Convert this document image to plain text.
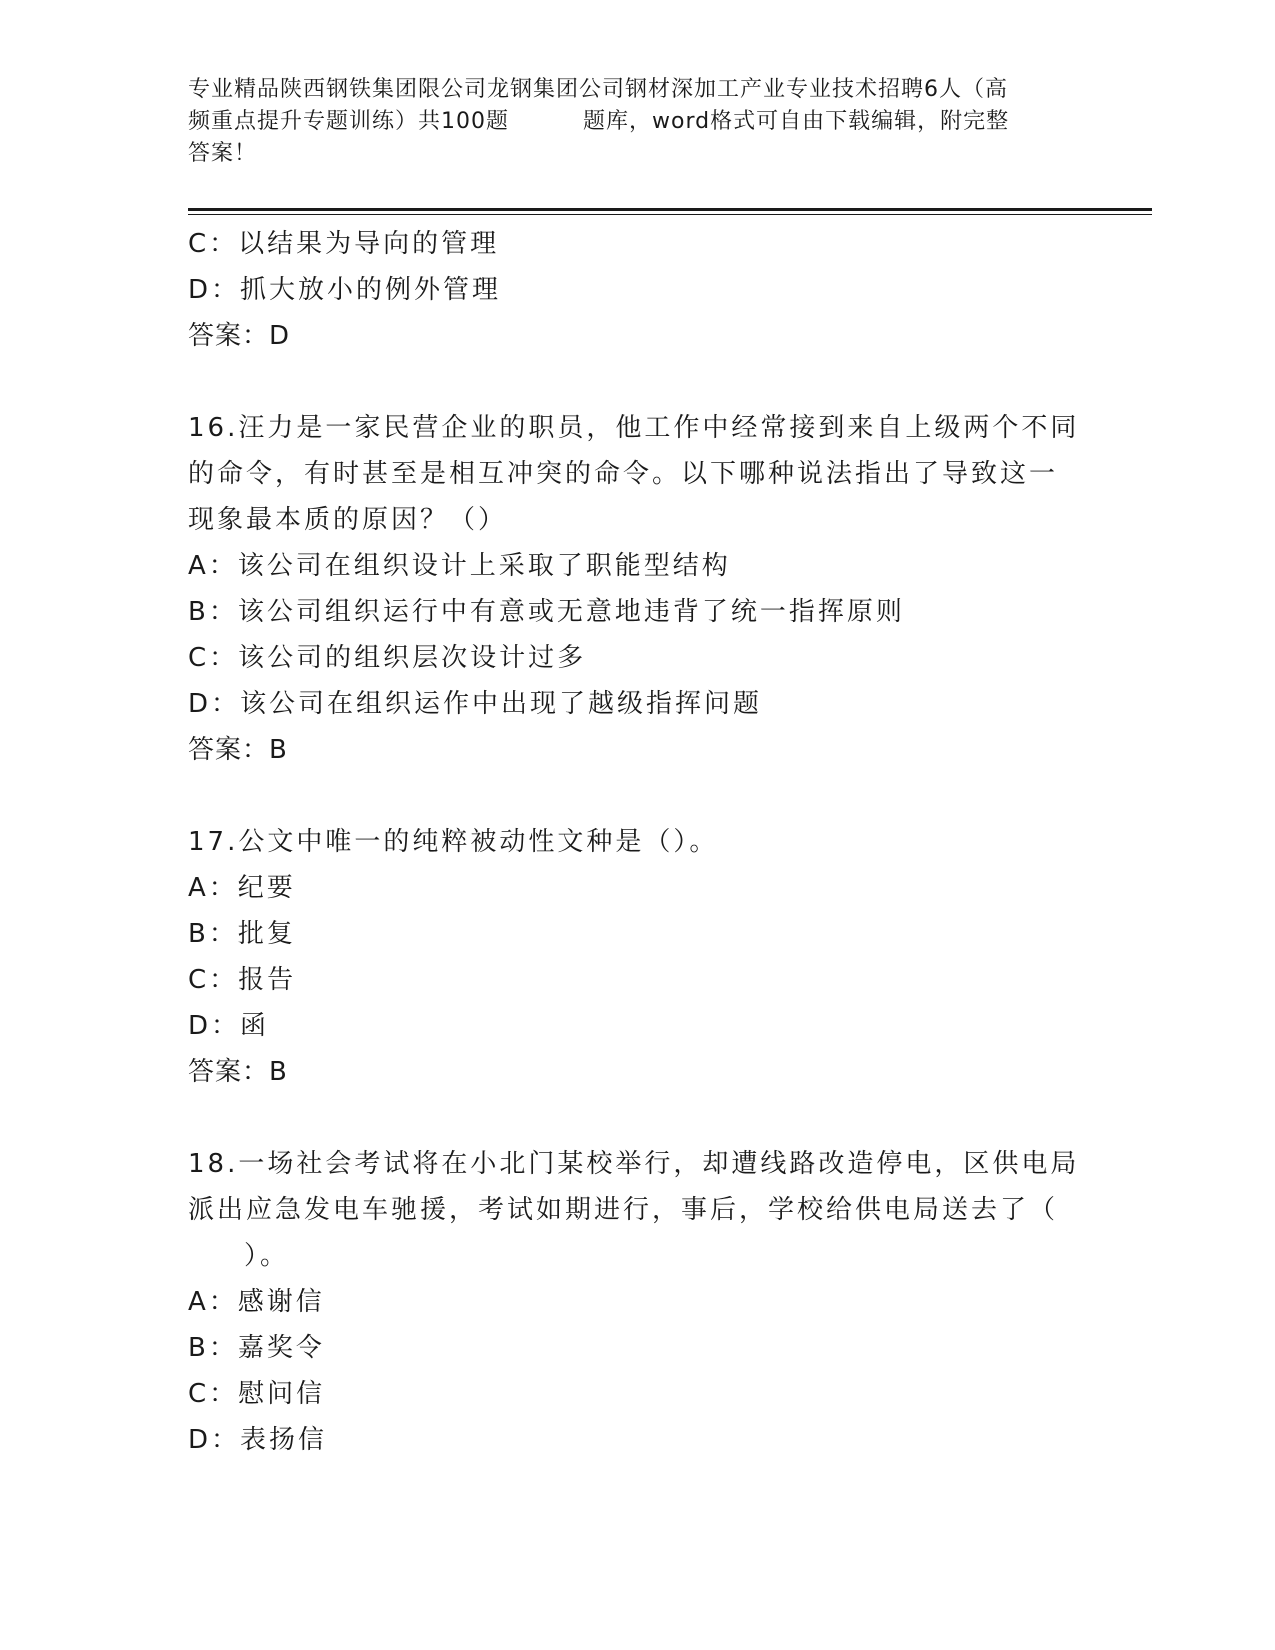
专业精品陕西钢铁集团限公司龙钢集团公司钢材深加工产业专业技术招聘6人（高
频重点提升专题训练）共100题	题库，word格式可自由下载编辑，附完整
答案！
C：以结果为导向的管理
D：抓大放小的例外管理
答案：D
16.汪力是一家民营企业的职员，他工作中经常接到来自上级两个不同
的命令，有时甚至是相互冲突的命令。以下哪种说法指出了导致这一
现象最本质的原因？（）
A：该公司在组织设计上采取了职能型结构
B：该公司组织运行中有意或无意地违背了统一指挥原则
C：该公司的组织层次设计过多
D：该公司在组织运作中出现了越级指挥问题
答案：B
17.公文中唯一的纯粹被动性文种是（）。
A：纪要
B：批复
C：报告
D：函
答案：B
18.一场社会考试将在小北门某校举行，却遭线路改造停电，区供电局
派出应急发电车驰援，考试如期进行，事后，学校给供电局送去了（
）。
A：感谢信
B：嘉奖令
C：慰问信
D：表扬信
